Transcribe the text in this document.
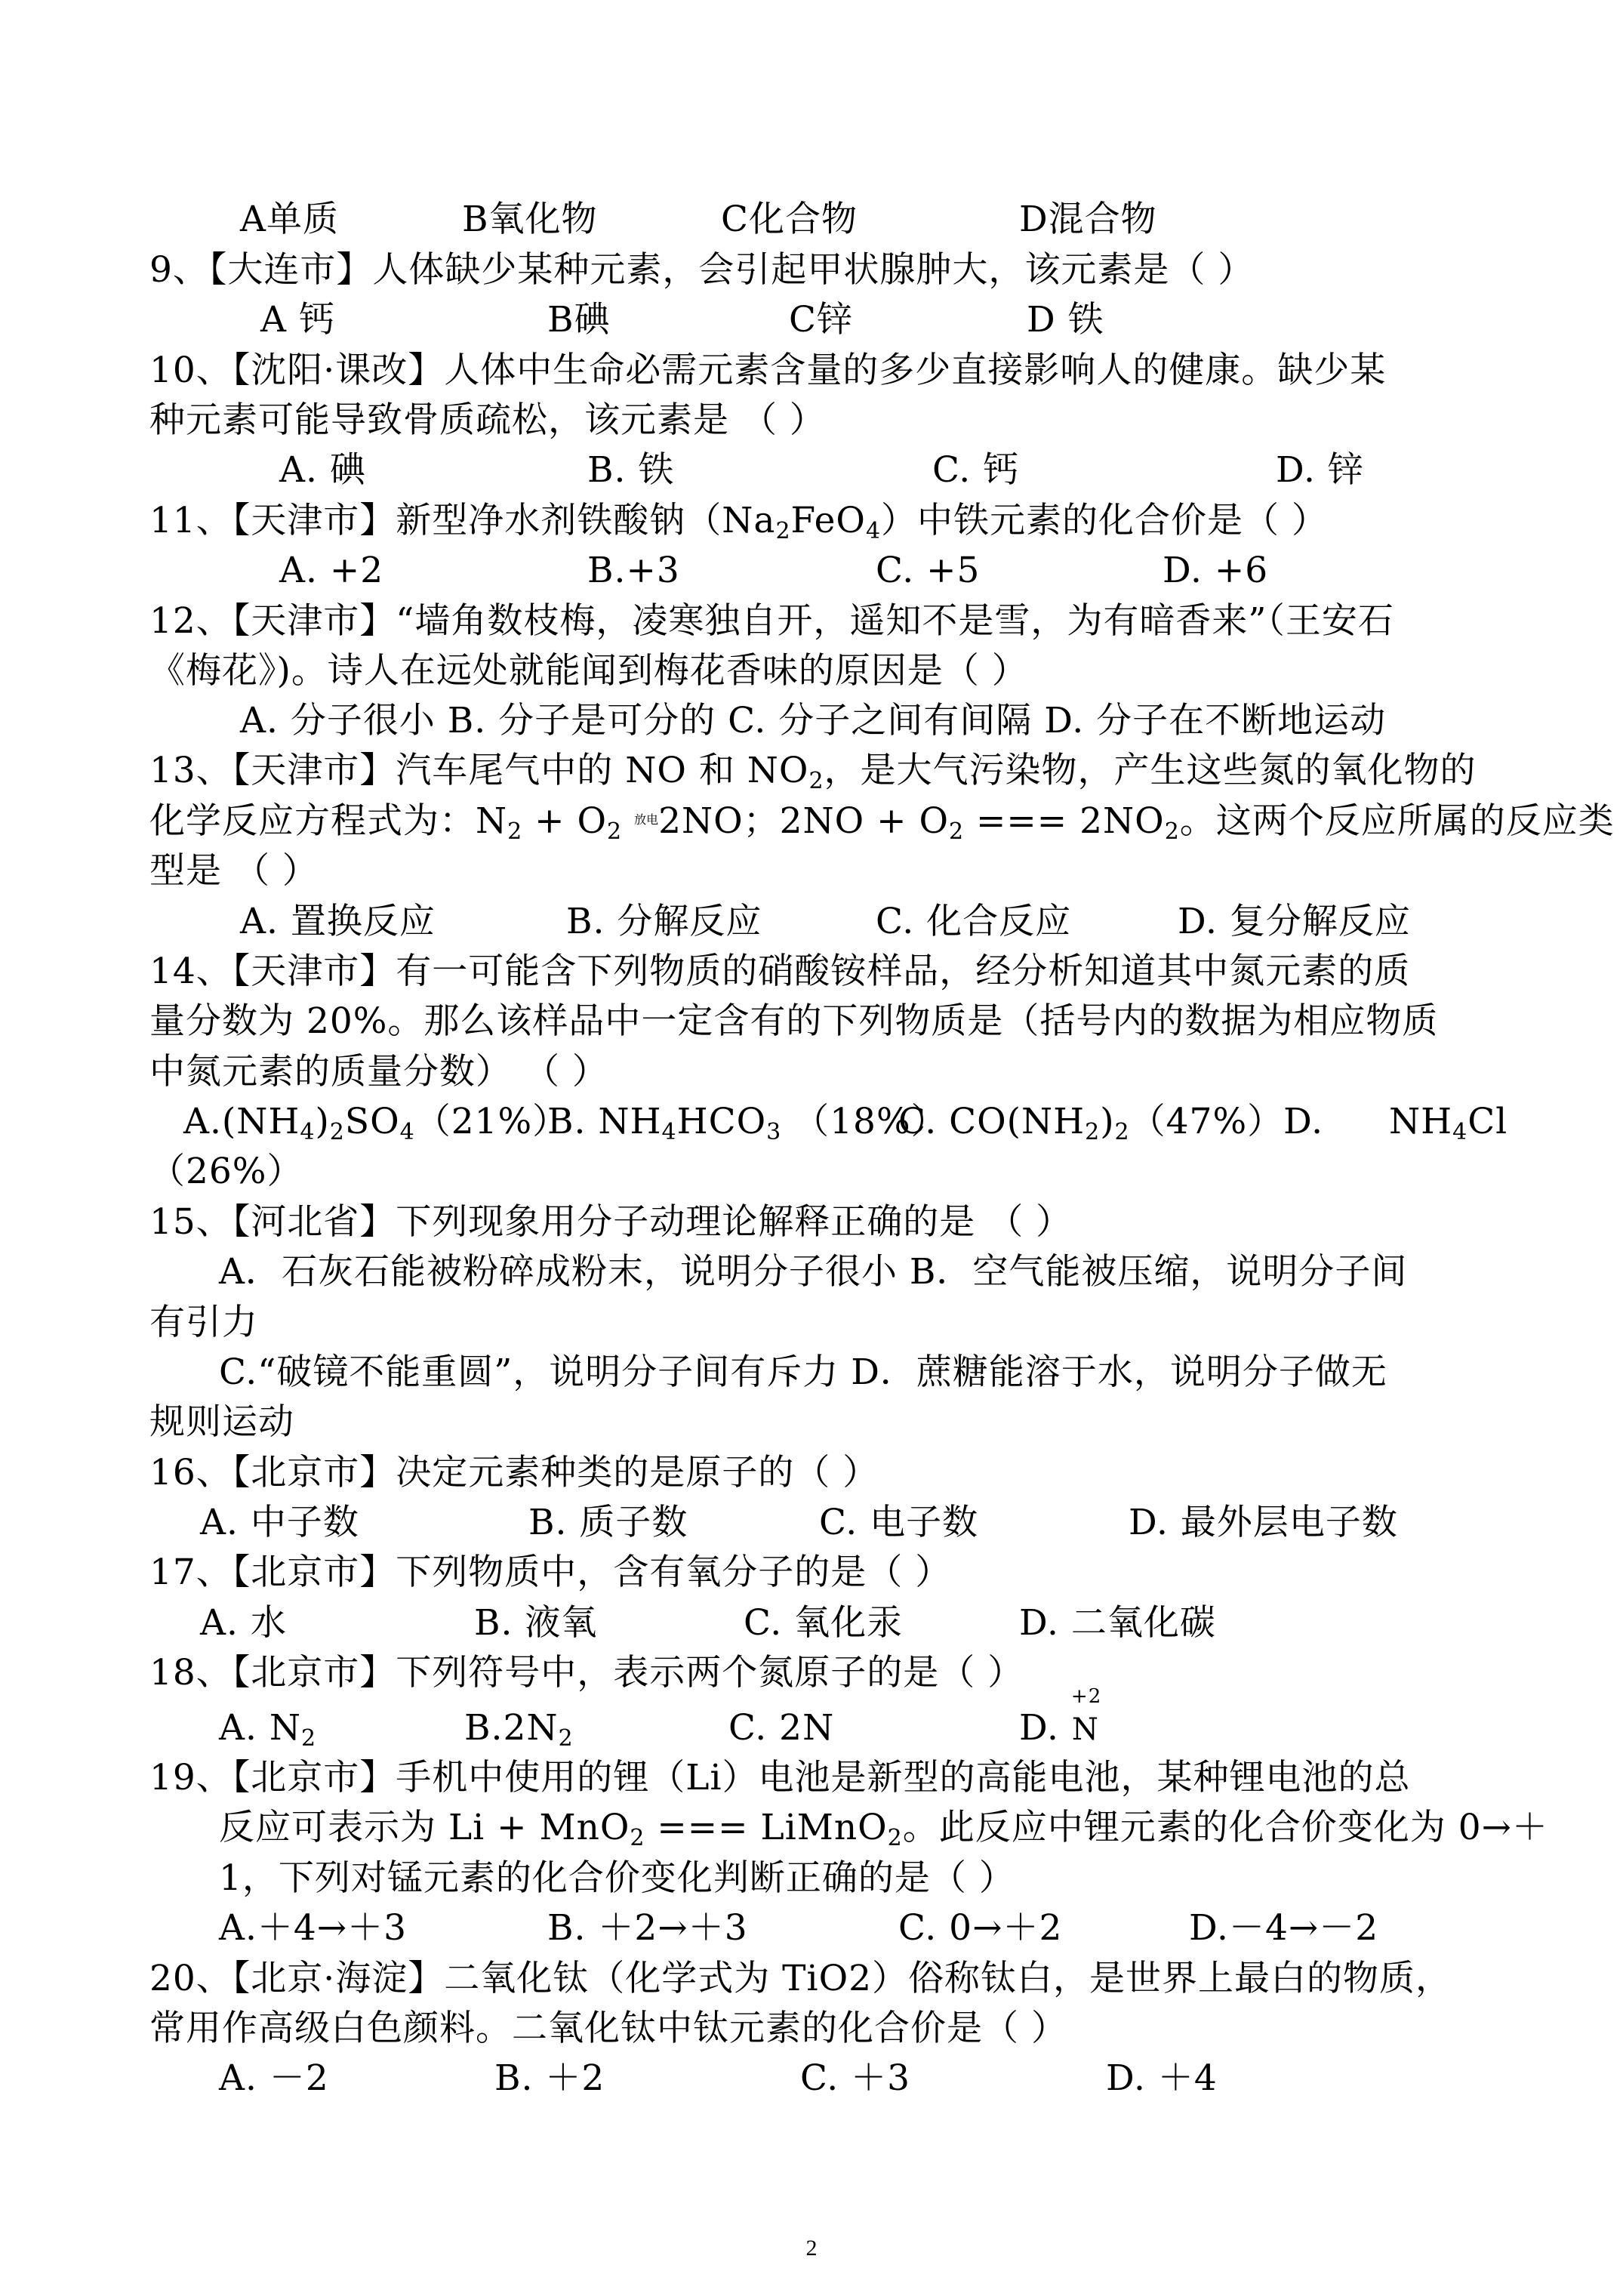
A单质	B氧化物	C化合物	D混合物
9、【大连市】人体缺少某种元素，会引起甲状腺肿大，该元素是（ ）
A 钙	B碘	C锌	D 铁
10、【沈阳·课改】人体中生命必需元素含量的多少直接影响人的健康。缺少某
种元素可能导致骨质疏松，该元素是 （ ）
A. 碘	B. 铁	C. 钙	D. 锌
11、【天津市】新型净水剂铁酸钠$(Na_2FeO_4)$中铁元素的化合价是（ ）
A. +2	B.+3	C. +5	D. +6
12、【天津市】“墙角数枝梅，凌寒独自开，遥知不是雪，为有暗香来”（王安石
《梅花》)。诗人在远处就能闻到梅花香味的原因是（ ）
A. 分子很小 B. 分子是可分的 C. 分子之间有间隔 D. 分子在不断地运动
13、【天津市】汽车尾气中的 NO 和 $NO_2$，是大气污染物，产生这些氮的氧化物的
化学反应方程式为：$N_2 + O_2$ $^{放电}$2NO；$2NO + O_2$ === $2NO_2$。这两个反应所属的反应类
型是 （ ）
A. 置换反应	B. 分解反应	C. 化合反应	D. 复分解反应
14、【天津市】有一可能含下列物质的硝酸铵样品，经分析知道其中氮元素的质
量分数为 20%。那么该样品中一定含有的下列物质是（括号内的数据为相应物质
中氮元素的质量分数） （ ）
$A.(NH_4)_2SO_4(21\%)$
B. $NH_4HCO_3$ （18%）
C. $CO(NH_2)_2(47\%)D$. $NH_4Cl$
（26%）
15、【河北省】下列现象用分子动理论解释正确的是 （ ）
A．石灰石能被粉碎成粉末，说明分子很小 B．空气能被压缩，说明分子间
有引力
C.“破镜不能重圆”，说明分子间有斥力 D．蔗糖能溶于水，说明分子做无
规则运动
16、【北京市】决定元素种类的是原子的（ ）
A. 中子数	B. 质子数	C. 电子数	D. 最外层电子数
17、【北京市】下列物质中，含有氧分子的是（ ）
A. 水	B. 液氧	C. 氧化汞	D. 二氧化碳
18、【北京市】下列符号中，表示两个氮原子的是（ ）
A. $N_2$	$B.2N_2$	C. 2N	D.
+2
N
19、【北京市】手机中使用的锂（Li）电池是新型的高能电池，某种锂电池的总
反应可表示为 Li + MnO$_2$ === LiMnO$_2$。此反应中锂元素的化合价变化为 0→＋
1，下列对锰元素的化合价变化判断正确的是（ ）
A.＋4→＋3	B. ＋2→＋3	C. 0→＋2	D.－4→－2
20、【北京·海淀】二氧化钛（化学式为 TiO2）俗称钛白，是世界上最白的物质，
常用作高级白色颜料。二氧化钛中钛元素的化合价是（ ）
A. －2	B. ＋2	C. ＋3	D. ＋4
2
